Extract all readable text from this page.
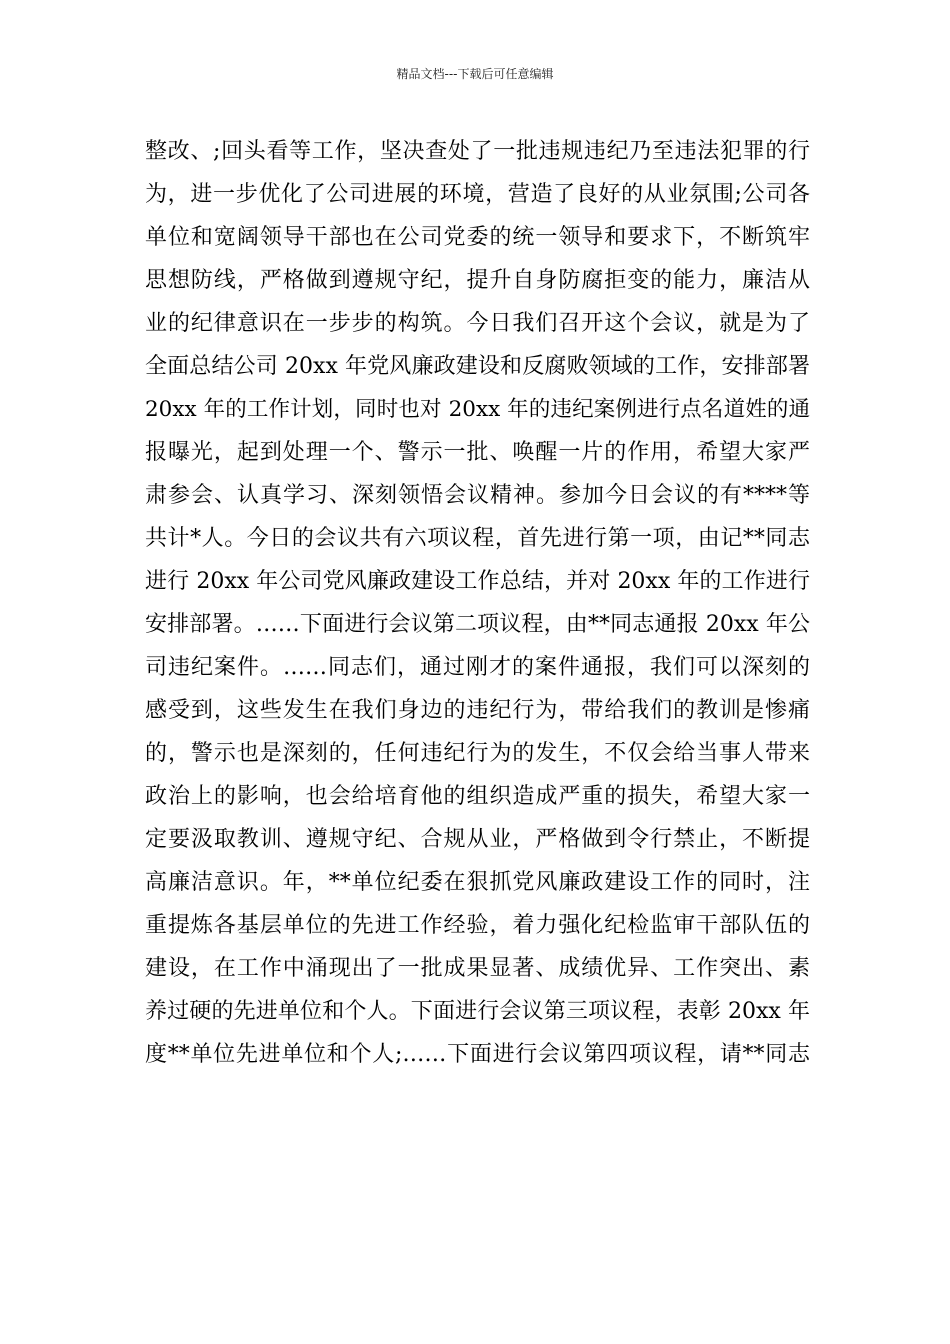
精品文档---下载后可任意编辑
整改、;回头看等工作，坚决查处了一批违规违纪乃至违法犯罪的行
为，进一步优化了公司进展的环境，营造了良好的从业氛围;公司各
单位和宽阔领导干部也在公司党委的统一领导和要求下，不断筑牢
思想防线，严格做到遵规守纪，提升自身防腐拒变的能力，廉洁从
业的纪律意识在一步步的构筑。今日我们召开这个会议，就是为了
全面总结公司 20xx 年党风廉政建设和反腐败领域的工作，安排部署
20xx 年的工作计划，同时也对 20xx 年的违纪案例进行点名道姓的通
报曝光，起到处理一个、警示一批、唤醒一片的作用，希望大家严
肃参会、认真学习、深刻领悟会议精神。参加今日会议的有****等
共计*人。今日的会议共有六项议程，首先进行第一项，由记**同志
进行 20xx 年公司党风廉政建设工作总结，并对 20xx 年的工作进行
安排部署。……下面进行会议第二项议程，由**同志通报 20xx 年公
司违纪案件。……同志们，通过刚才的案件通报，我们可以深刻的
感受到，这些发生在我们身边的违纪行为，带给我们的教训是惨痛
的，警示也是深刻的，任何违纪行为的发生，不仅会给当事人带来
政治上的影响，也会给培育他的组织造成严重的损失，希望大家一
定要汲取教训、遵规守纪、合规从业，严格做到令行禁止，不断提
高廉洁意识。年，**单位纪委在狠抓党风廉政建设工作的同时，注
重提炼各基层单位的先进工作经验，着力强化纪检监审干部队伍的
建设，在工作中涌现出了一批成果显著、成绩优异、工作突出、素
养过硬的先进单位和个人。下面进行会议第三项议程，表彰 20xx 年
度**单位先进单位和个人;……下面进行会议第四项议程，请**同志
